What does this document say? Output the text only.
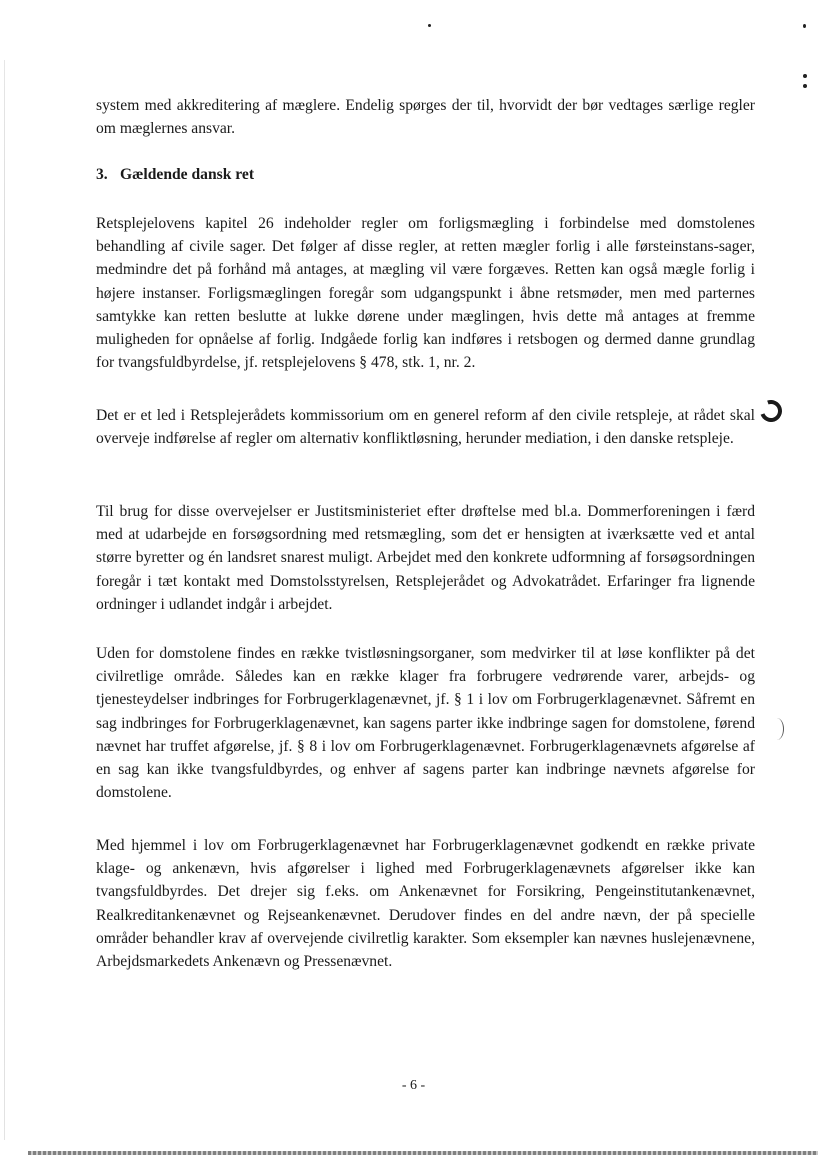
system med akkreditering af mæglere. Endelig spørges der til, hvorvidt der bør vedtages særlige regler om mæglernes ansvar.

3. Gældende dansk ret

Retsplejelovens kapitel 26 indeholder regler om forligsmægling i forbindelse med domstolenes behandling af civile sager. Det følger af disse regler, at retten mægler forlig i alle førsteinstans-sager, medmindre det på forhånd må antages, at mægling vil være forgæves. Retten kan også mægle forlig i højere instanser. Forligsmæglingen foregår som udgangspunkt i åbne retsmøder, men med parternes samtykke kan retten beslutte at lukke dørene under mæglingen, hvis dette må antages at fremme muligheden for opnåelse af forlig. Indgåede forlig kan indføres i retsbogen og dermed danne grundlag for tvangsfuldbyrdelse, jf. retsplejelovens § 478, stk. 1, nr. 2.

Det er et led i Retsplejerådets kommissorium om en generel reform af den civile retspleje, at rådet skal overveje indførelse af regler om alternativ konfliktløsning, herunder mediation, i den danske retspleje.

Til brug for disse overvejelser er Justitsministeriet efter drøftelse med bl.a. Dommerforeningen i færd med at udarbejde en forsøgsordning med retsmægling, som det er hensigten at iværksætte ved et antal større byretter og én landsret snarest muligt. Arbejdet med den konkrete udformning af forsøgsordningen foregår i tæt kontakt med Domstolsstyrelsen, Retsplejerådet og Advokatrådet. Erfaringer fra lignende ordninger i udlandet indgår i arbejdet.

Uden for domstolene findes en række tvistløsningsorganer, som medvirker til at løse konflikter på det civilretlige område. Således kan en række klager fra forbrugere vedrørende varer, arbejds- og tjenesteydelser indbringes for Forbrugerklagenævnet, jf. § 1 i lov om Forbrugerklagenævnet. Såfremt en sag indbringes for Forbrugerklagenævnet, kan sagens parter ikke indbringe sagen for domstolene, førend nævnet har truffet afgørelse, jf. § 8 i lov om Forbrugerklagenævnet. Forbrugerklagenævnets afgørelse af en sag kan ikke tvangsfuldbyrdes, og enhver af sagens parter kan indbringe nævnets afgørelse for domstolene.

Med hjemmel i lov om Forbrugerklagenævnet har Forbrugerklagenævnet godkendt en række private klage- og ankenævn, hvis afgørelser i lighed med Forbrugerklagenævnets afgørelser ikke kan tvangsfuldbyrdes. Det drejer sig f.eks. om Ankenævnet for Forsikring, Pengeinstitutankenævnet, Realkreditankenævnet og Rejseankenævnet. Derudover findes en del andre nævn, der på specielle områder behandler krav af overvejende civilretlig karakter. Som eksempler kan nævnes huslejenævnene, Arbejdsmarkedets Ankenævn og Pressenævnet.

- 6 -
